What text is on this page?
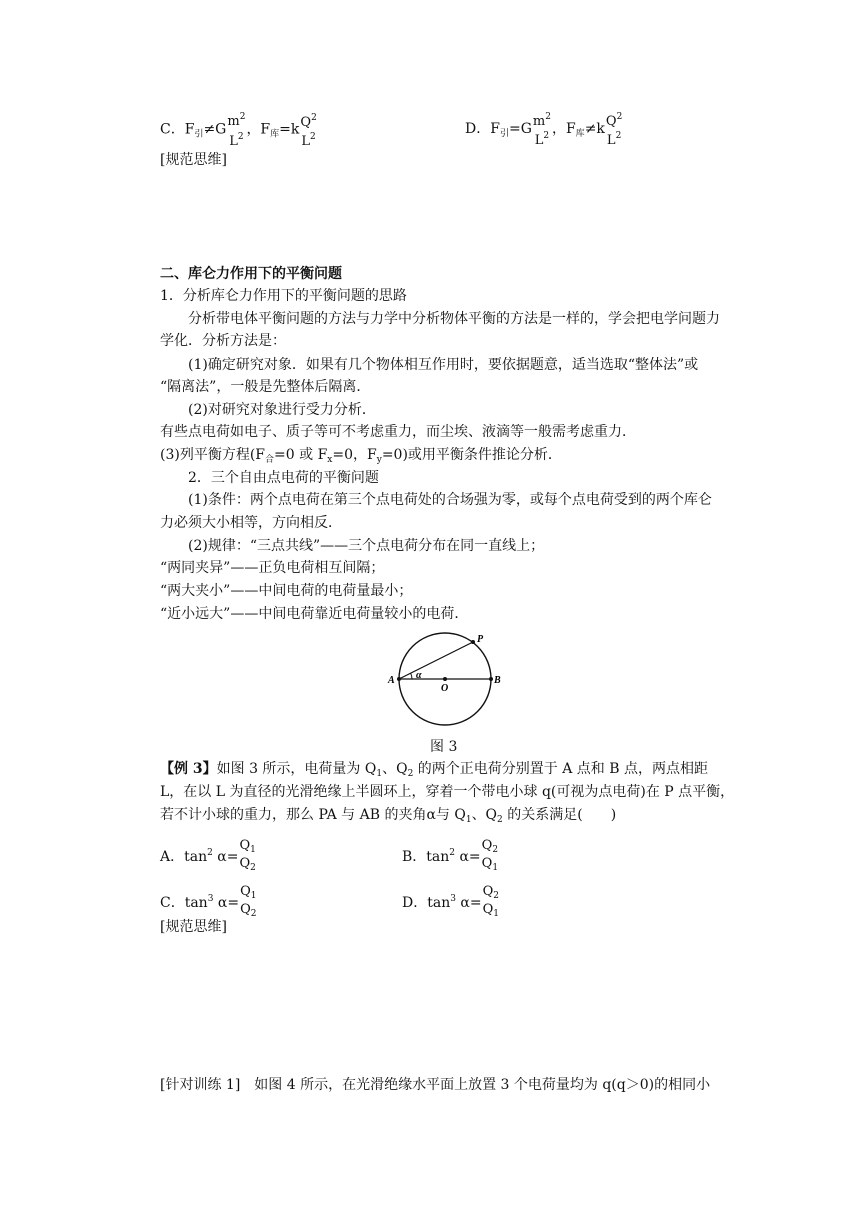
C．$F_引\ne G$ $m^2$
$L^2$ ，$F_库=k$ $Q^2$
$L^2$	D．$F_引=G$ $m^2$
$L^2$ ，$F_库\ne k$ $Q^2$
$L^2$
[规范思维]
二、库仑力作用下的平衡问题
1．分析库仑力作用下的平衡问题的思路
分析带电体平衡问题的方法与力学中分析物体平衡的方法是一样的，学会把电学问题力
学化．分析方法是：
(1)确定研究对象．如果有几个物体相互作用时，要依据题意，适当选取“整体法”或
“隔离法”，一般是先整体后隔离．
(2)对研究对象进行受力分析．
有些点电荷如电子、质子等可不考虑重力，而尘埃、液滴等一般需考虑重力．
(3)列平衡方程($F_合=0$ 或 $F_x=0$，$F_y=0$)或用平衡条件推论分析．
2．三个自由点电荷的平衡问题
(1)条件：两个点电荷在第三个点电荷处的合场强为零，或每个点电荷受到的两个库仑
力必须大小相等，方向相反．
(2)规律：“三点共线”——三个点电荷分布在同一直线上；
“两同夹异”——正负电荷相互间隔；
“两大夹小”——中间电荷的电荷量最小；
“近小远大”——中间电荷靠近电荷量较小的电荷．
P
A
O
B
α
图 3
【例 3】如图 3 所示，电荷量为 $Q_1$、$Q_2$ 的两个正电荷分别置于 A 点和 B 点，两点相距
L，在以 L 为直径的光滑绝缘上半圆环上，穿着一个带电小球 q(可视为点电荷)在 P 点平衡，
若不计小球的重力，那么 PA 与 AB 的夹角α与 $Q_1$、$Q_2$ 的关系满足(　　)
A．$\tan^2 \alpha=$
$Q_1$
$Q_2$
B．$\tan^2 \alpha=$
$Q_2$
$Q_1$
C．$\tan^3 \alpha=$
$Q_1$
$Q_2$
D．$\tan^3 \alpha=$
$Q_2$
$Q_1$
[规范思维]
[针对训练 1]　如图 4 所示，在光滑绝缘水平面上放置 3 个电荷量均为 q(q＞0)的相同小
